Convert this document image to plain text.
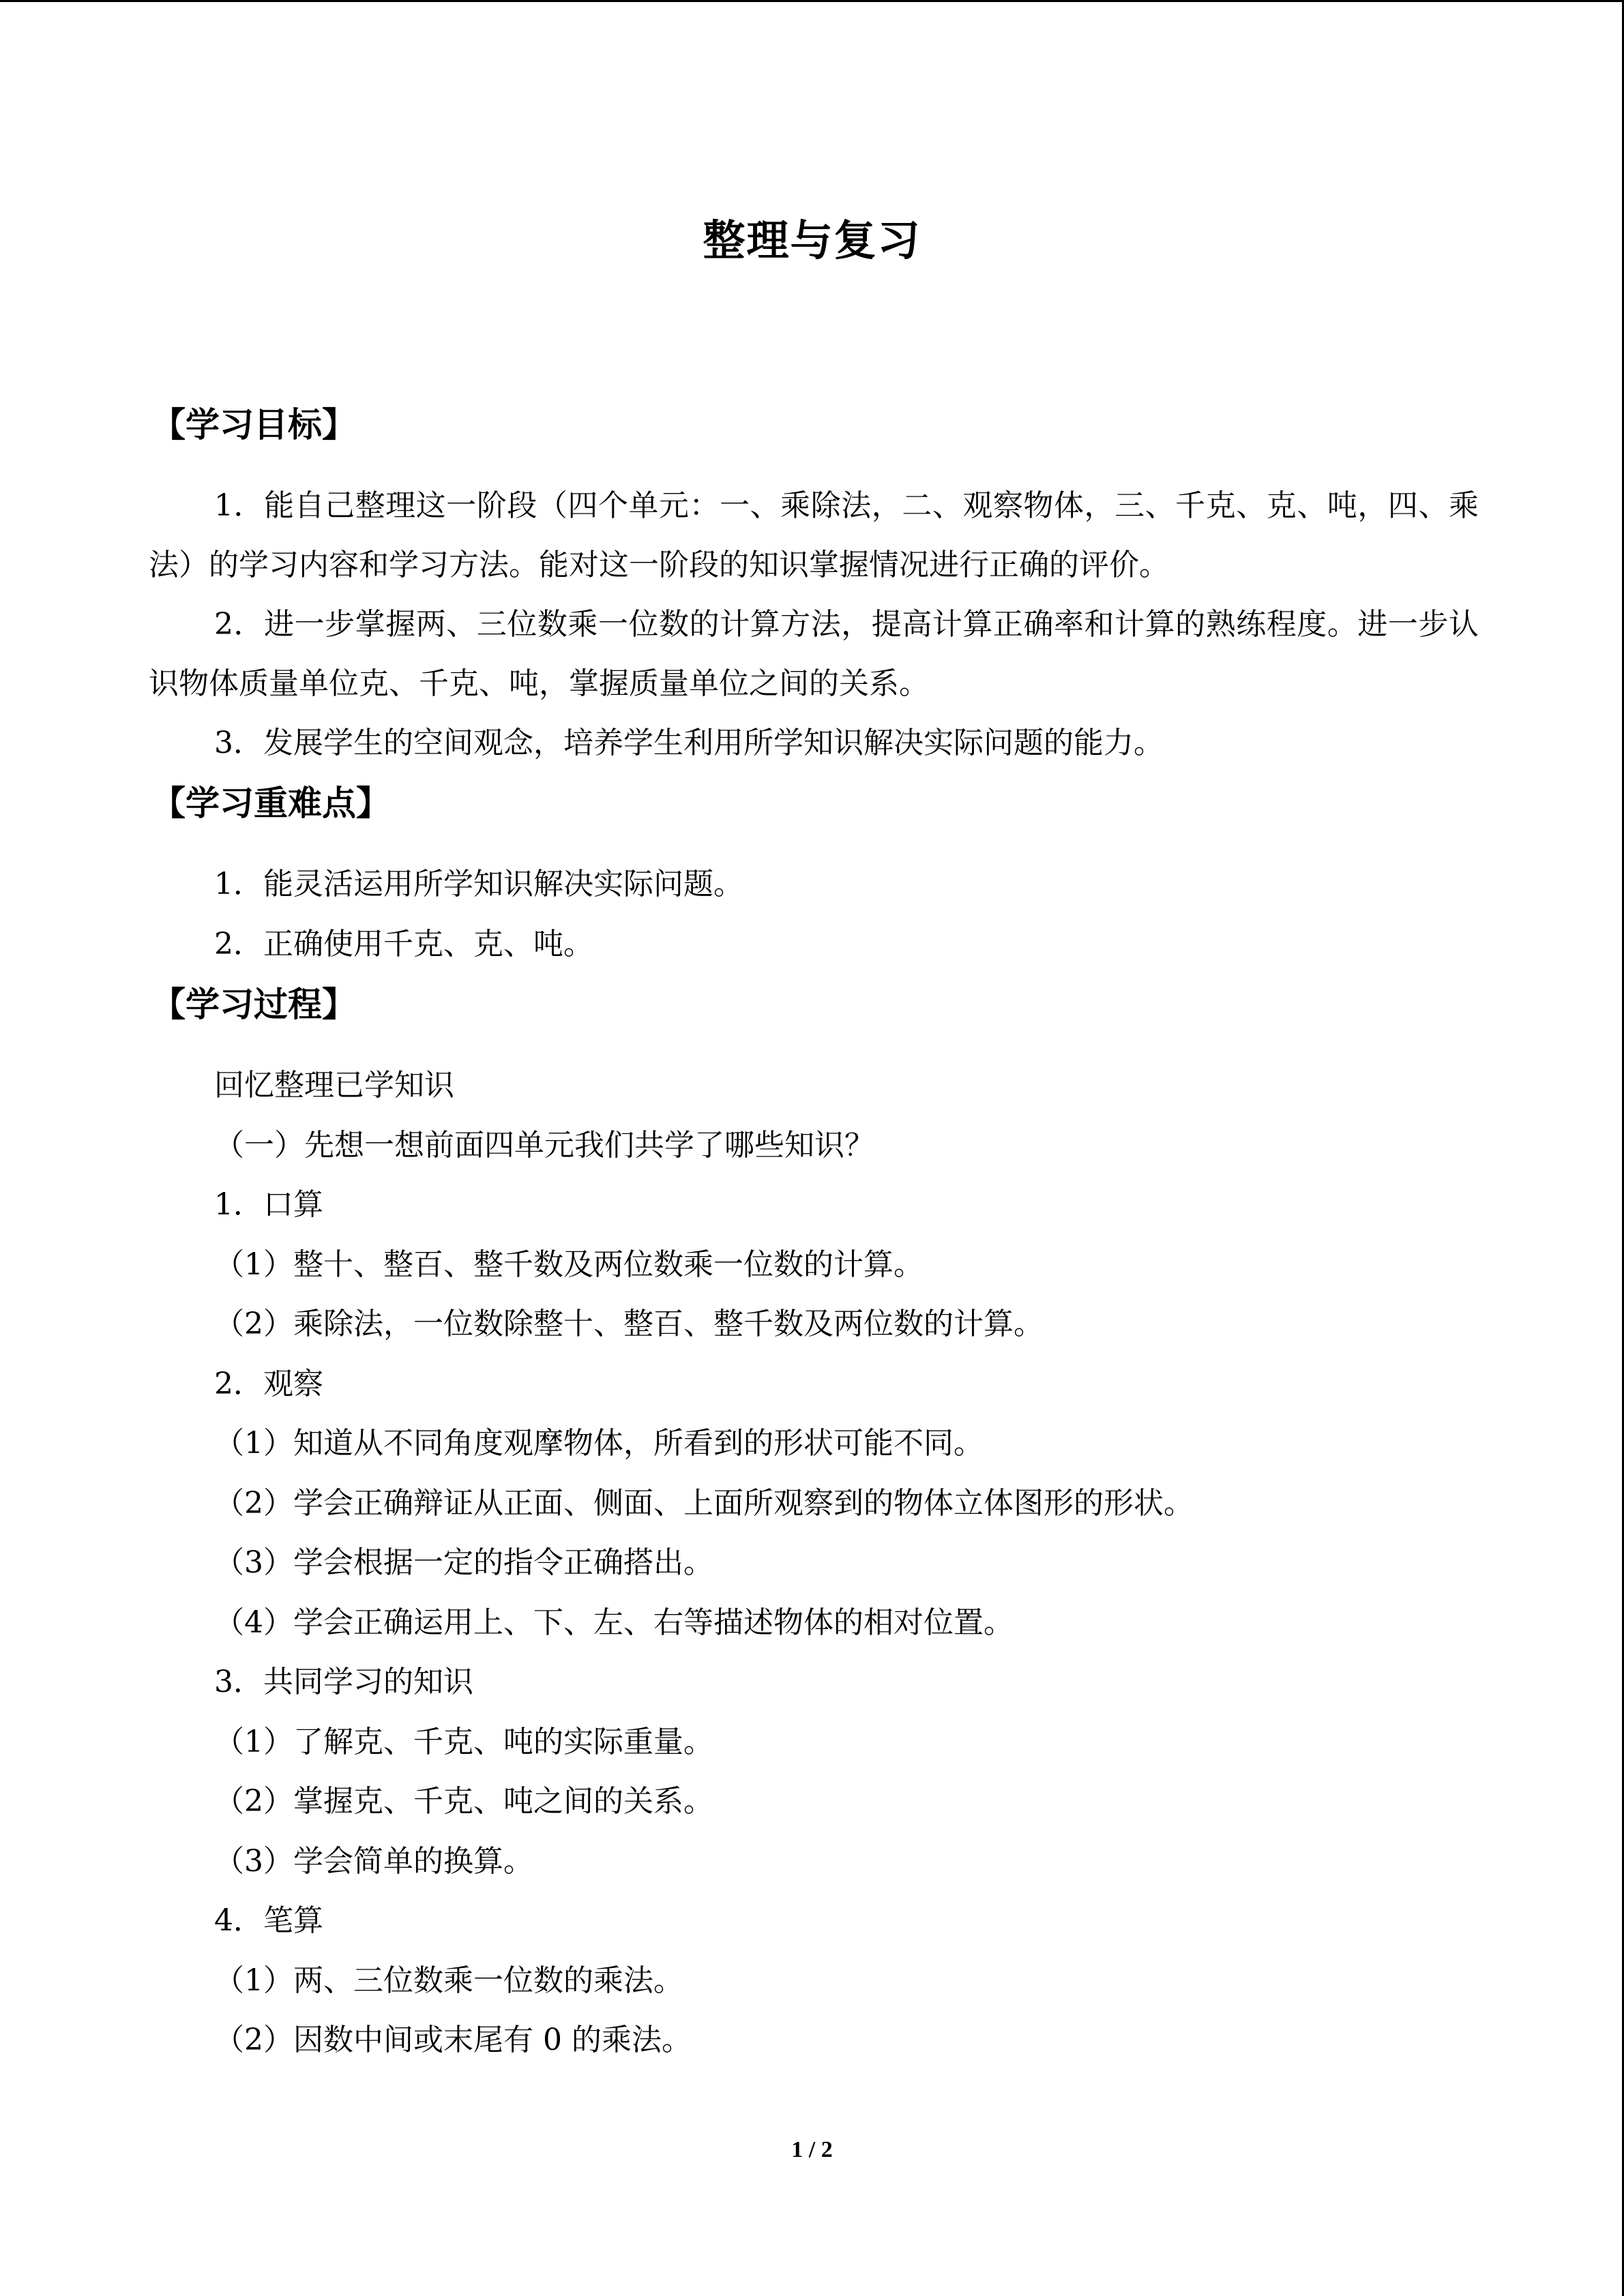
整理与复习
【学习目标】

1．能自己整理这一阶段（四个单元：一、乘除法，二、观察物体，三、千克、克、吨，四、乘法）的学习内容和学习方法。能对这一阶段的知识掌握情况进行正确的评价。

2．进一步掌握两、三位数乘一位数的计算方法，提高计算正确率和计算的熟练程度。进一步认识物体质量单位克、千克、吨，掌握质量单位之间的关系。

3．发展学生的空间观念，培养学生利用所学知识解决实际问题的能力。

【学习重难点】
1．能灵活运用所学知识解决实际问题。
2．正确使用千克、克、吨。
【学习过程】
回忆整理已学知识
（一）先想一想前面四单元我们共学了哪些知识？
1．口算
（1）整十、整百、整千数及两位数乘一位数的计算。
（2）乘除法，一位数除整十、整百、整千数及两位数的计算。
2．观察
（1）知道从不同角度观摩物体，所看到的形状可能不同。
（2）学会正确辩证从正面、侧面、上面所观察到的物体立体图形的形状。
（3）学会根据一定的指令正确搭出。
（4）学会正确运用上、下、左、右等描述物体的相对位置。
3．共同学习的知识
（1）了解克、千克、吨的实际重量。
（2）掌握克、千克、吨之间的关系。
（3）学会简单的换算。
4．笔算
（1）两、三位数乘一位数的乘法。
（2）因数中间或末尾有 0 的乘法。
1 / 2
